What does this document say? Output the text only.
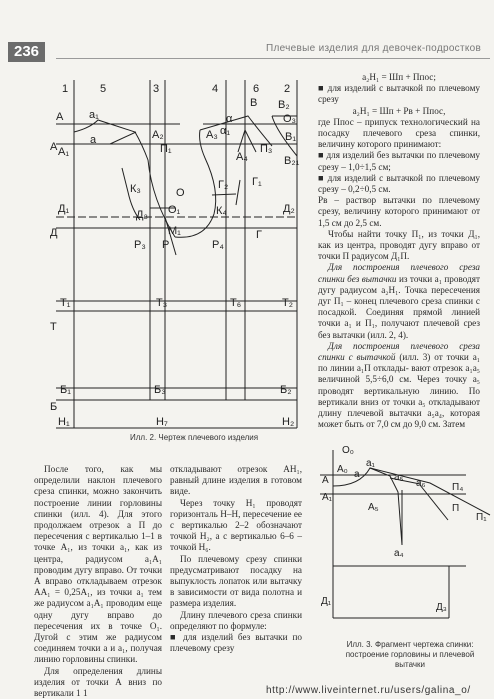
236	Плечевые изделия для девочек-подростков
А
А А₁
а₁
а	А₂
П₁
В В₂
О₃
А₃
α
α₁
А₄
В₁
П₃
В₂₁
К₃	О
Г₂ Г₁
Д₁
Д
Д₃ О₁	К₄	Д₂
М₁
Р₃ Р	Р₄
Г
Т₁
Т
Т₃	Т₆	Т₂
Б₁
Б
Б₃	Б₂
Н₁	Н₇	Н₂
1	5	3	4	6 2
О₀
а₁
А₀ а	а₅
а₆	П₄
А
А₁
П
П₁
А₅
а₄
Д₁
Д₃
Илл. 2. Чертеж плечевого изделия

а₂Н₁ = Шп + Ппос;

■ для изделий с вытачкой по плечевому срезу

а₂Н₁ = Шп + Рв + Ппос,

где Ппос – припуск технологический на посадку плечевого среза спинки, величину которого принимают:

■ для изделий без вытачки по плечевому срезу – 1,0÷1,5 см;

■ для изделий с вытачкой по плечевому срезу – 0,2÷0,5 см.

Рв – раствор вытачки по плечевому срезу, величину которого принимают от 1,5 см до 2,5 см.

Чтобы найти точку П₁, из точки Д₁, как из центра, проводят дугу вправо от точки П радиусом Д₁П.

Для построения плечевого среза спинки без вытачки из точки а₁ проводят дугу радиусом а₂Н₁. Точка пересечения дуг П₁ – конец плечевого среза спинки с посадкой. Соединяя прямой линией точки а₁ и П₁, получают плечевой срез без вытачки (илл. 2, 4).

Для построения плечевого среза спинки с вытачкой (илл. 3) от точки а₁ по линии а₁П отклады- вают отрезок а₁а₅ величиной 5,5÷6,0 см. Через точку а₅ проводят вертикальную линию. По вертикали вниз от точки а₅ откладывают длину плечевой вытачки а₅а₄, которая может быть от 7,0 см до 9,0 см. Затем

После того, как мы определили наклон плечевого среза спинки, можно закончить построение линии горловины спинки (илл. 4). Для этого продолжаем отрезок а П до пересечения с вертикалью 1–1 в точке А₁, из точки а₁, как из центра, радиусом а₁А₁ проводим дугу вправо. От точки А вправо откладываем отрезок АА₁ = 0,25А₁, из точки а₁ тем же радиусом а₁А₁ проводим еще одну дугу вправо до пересечения их в точке О₁. Дугой с этим же радиусом соединяем точки а и а₁, получая линию горловины спинки.

Для определения длины изделия от точки А вниз по вертикали 1 1

откладывают отрезок АН₁, равный длине изделия в готовом виде.

Через точку Н₁ проводят горизонталь Н–Н, пересечение ее с вертикалью 2–2 обозначают точкой Н₂, а с вертикалью 6–6 – точкой Н₆.

По плечевому срезу спинки предусматривают посадку на выпуклость лопаток или вытачку в зависимости от вида полотна и размера изделия.

Длину плечевого среза спинки определяют по формуле:

■ для изделий без вытачки по плечевому срезу	Илл. 3. Фрагмент чертежа спинки:
построение горловины и плечевой вытачки
http://www.liveinternet.ru/users/galina_o/
